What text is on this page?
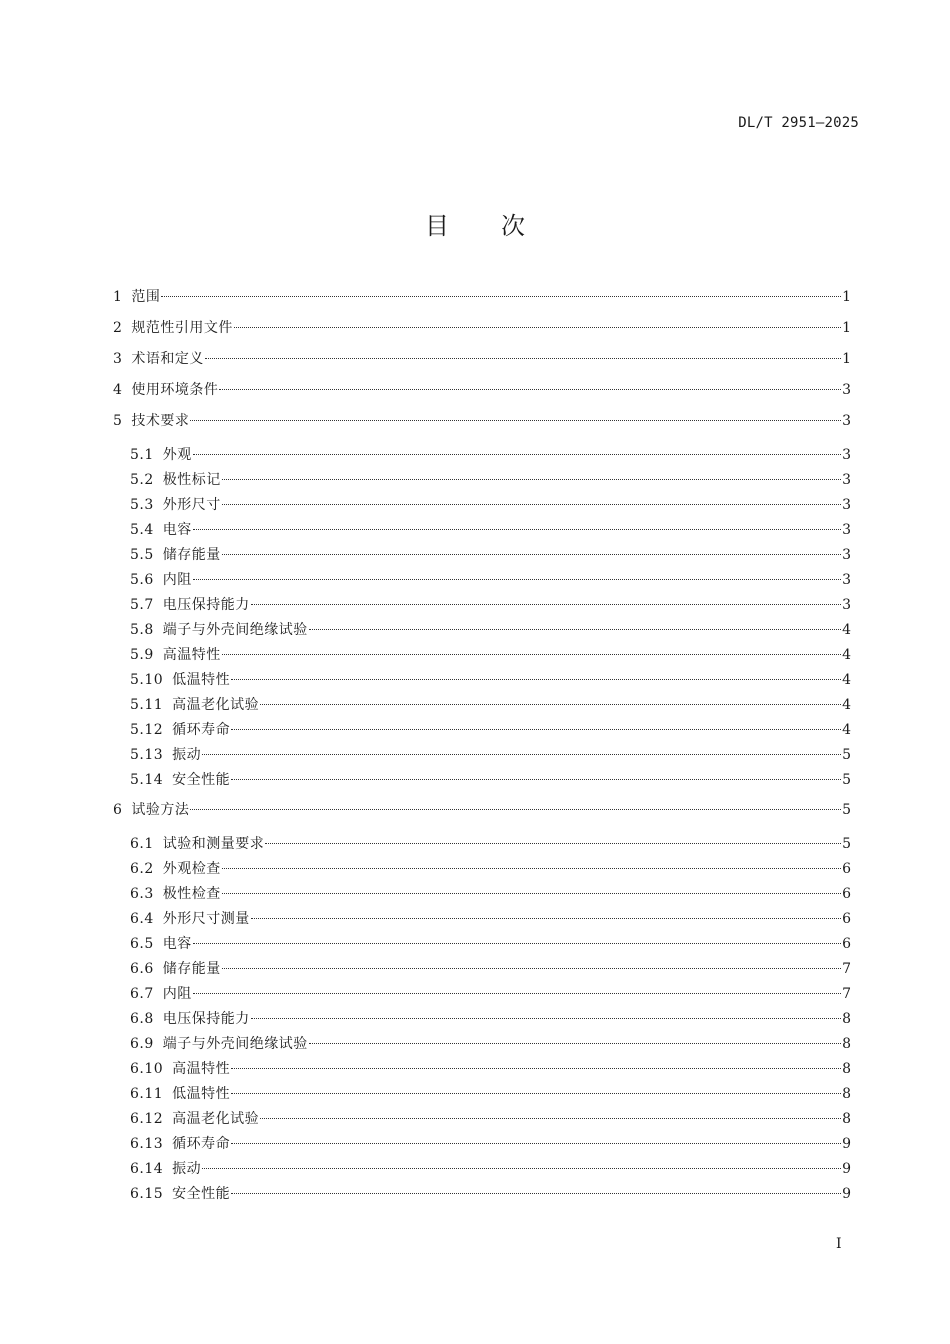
DL/T 2951—2025
目 次
1 范围	1
2 规范性引用文件	1
3 术语和定义	1
4 使用环境条件	3
5 技术要求	3
5.1 外观	3
5.2 极性标记	3
5.3 外形尺寸	3
5.4 电容	3
5.5 储存能量	3
5.6 内阻	3
5.7 电压保持能力	3
5.8 端子与外壳间绝缘试验	4
5.9 高温特性	4
5.10 低温特性	4
5.11 高温老化试验	4
5.12 循环寿命	4
5.13 振动	5
5.14 安全性能	5
6 试验方法	5
6.1 试验和测量要求	5
6.2 外观检查	6
6.3 极性检查	6
6.4 外形尺寸测量	6
6.5 电容	6
6.6 储存能量	7
6.7 内阻	7
6.8 电压保持能力	8
6.9 端子与外壳间绝缘试验	8
6.10 高温特性	8
6.11 低温特性	8
6.12 高温老化试验	8
6.13 循环寿命	9
6.14 振动	9
6.15 安全性能	9
I
